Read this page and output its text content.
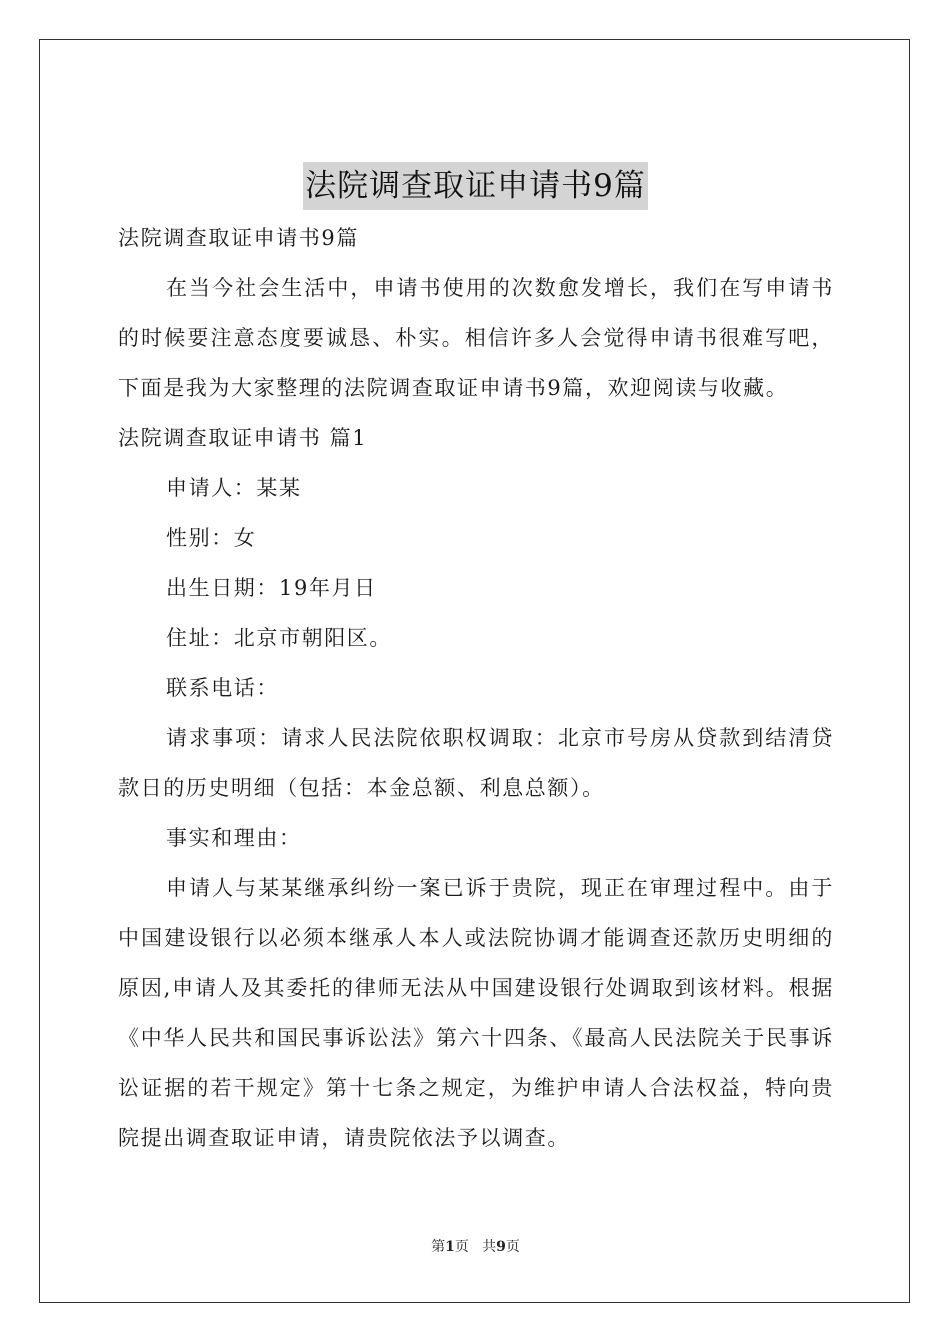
法院调查取证申请书9篇

法院调查取证申请书9篇

在当今社会生活中，申请书使用的次数愈发增长，我们在写申请书的时候要注意态度要诚恳、朴实。相信许多人会觉得申请书很难写吧，下面是我为大家整理的法院调查取证申请书9篇，欢迎阅读与收藏。

法院调查取证申请书 篇1

申请人：某某

性别：女

出生日期：19年月日

住址：北京市朝阳区。

联系电话：

请求事项：请求人民法院依职权调取：北京市号房从贷款到结清贷款日的历史明细（包括：本金总额、利息总额）。

事实和理由：

申请人与某某继承纠纷一案已诉于贵院，现正在审理过程中。由于中国建设银行以必须本继承人本人或法院协调才能调查还款历史明细的原因,申请人及其委托的律师无法从中国建设银行处调取到该材料。根据《中华人民共和国民事诉讼法》第六十四条、《最高人民法院关于民事诉讼证据的若干规定》第十七条之规定，为维护申请人合法权益，特向贵院提出调查取证申请，请贵院依法予以调查。

第1页 共9页
